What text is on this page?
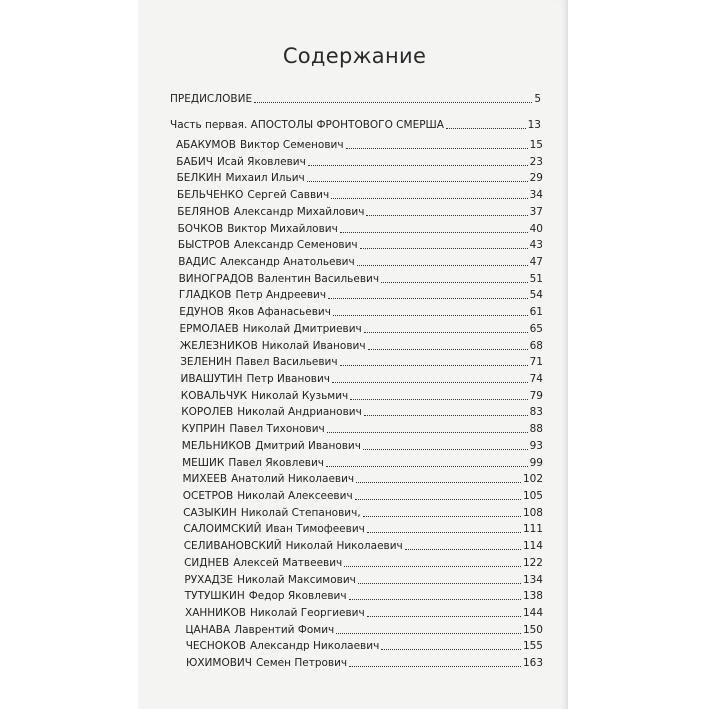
Содержание
ПРЕДИСЛОВИЕ	5
Часть первая. АПОСТОЛЫ ФРОНТОВОГО СМЕРША	13
АБАКУМОВ Виктор Семенович	15
БАБИЧ Исай Яковлевич	23
БЕЛКИН Михаил Ильич	29
БЕЛЬЧЕНКО Сергей Саввич	34
БЕЛЯНОВ Александр Михайлович	37
БОЧКОВ Виктор Михайлович	40
БЫСТРОВ Александр Семенович	43
ВАДИС Александр Анатольевич	47
ВИНОГРАДОВ Валентин Васильевич	51
ГЛАДКОВ Петр Андреевич	54
ЕДУНОВ Яков Афанасьевич	61
ЕРМОЛАЕВ Николай Дмитриевич	65
ЖЕЛЕЗНИКОВ Николай Иванович	68
ЗЕЛЕНИН Павел Васильевич	71
ИВАШУТИН Петр Иванович	74
КОВАЛЬЧУК Николай Кузьмич	79
КОРОЛЕВ Николай Андрианович	83
КУПРИН Павел Тихонович	88
МЕЛЬНИКОВ Дмитрий Иванович	93
МЕШИК Павел Яковлевич	99
МИХЕЕВ Анатолий Николаевич	102
ОСЕТРОВ Николай Алексеевич	105
САЗЫКИН Николай Степанович,	108
САЛОИМСКИЙ Иван Тимофеевич	111
СЕЛИВАНОВСКИЙ Николай Николаевич	114
СИДНЕВ Алексей Матвеевич	122
РУХАДЗЕ Николай Максимович	134
ТУТУШКИН Федор Яковлевич	138
ХАННИКОВ Николай Георгиевич	144
ЦАНАВА Лаврентий Фомич	150
ЧЕСНОКОВ Александр Николаевич	155
ЮХИМОВИЧ Семен Петрович	163
